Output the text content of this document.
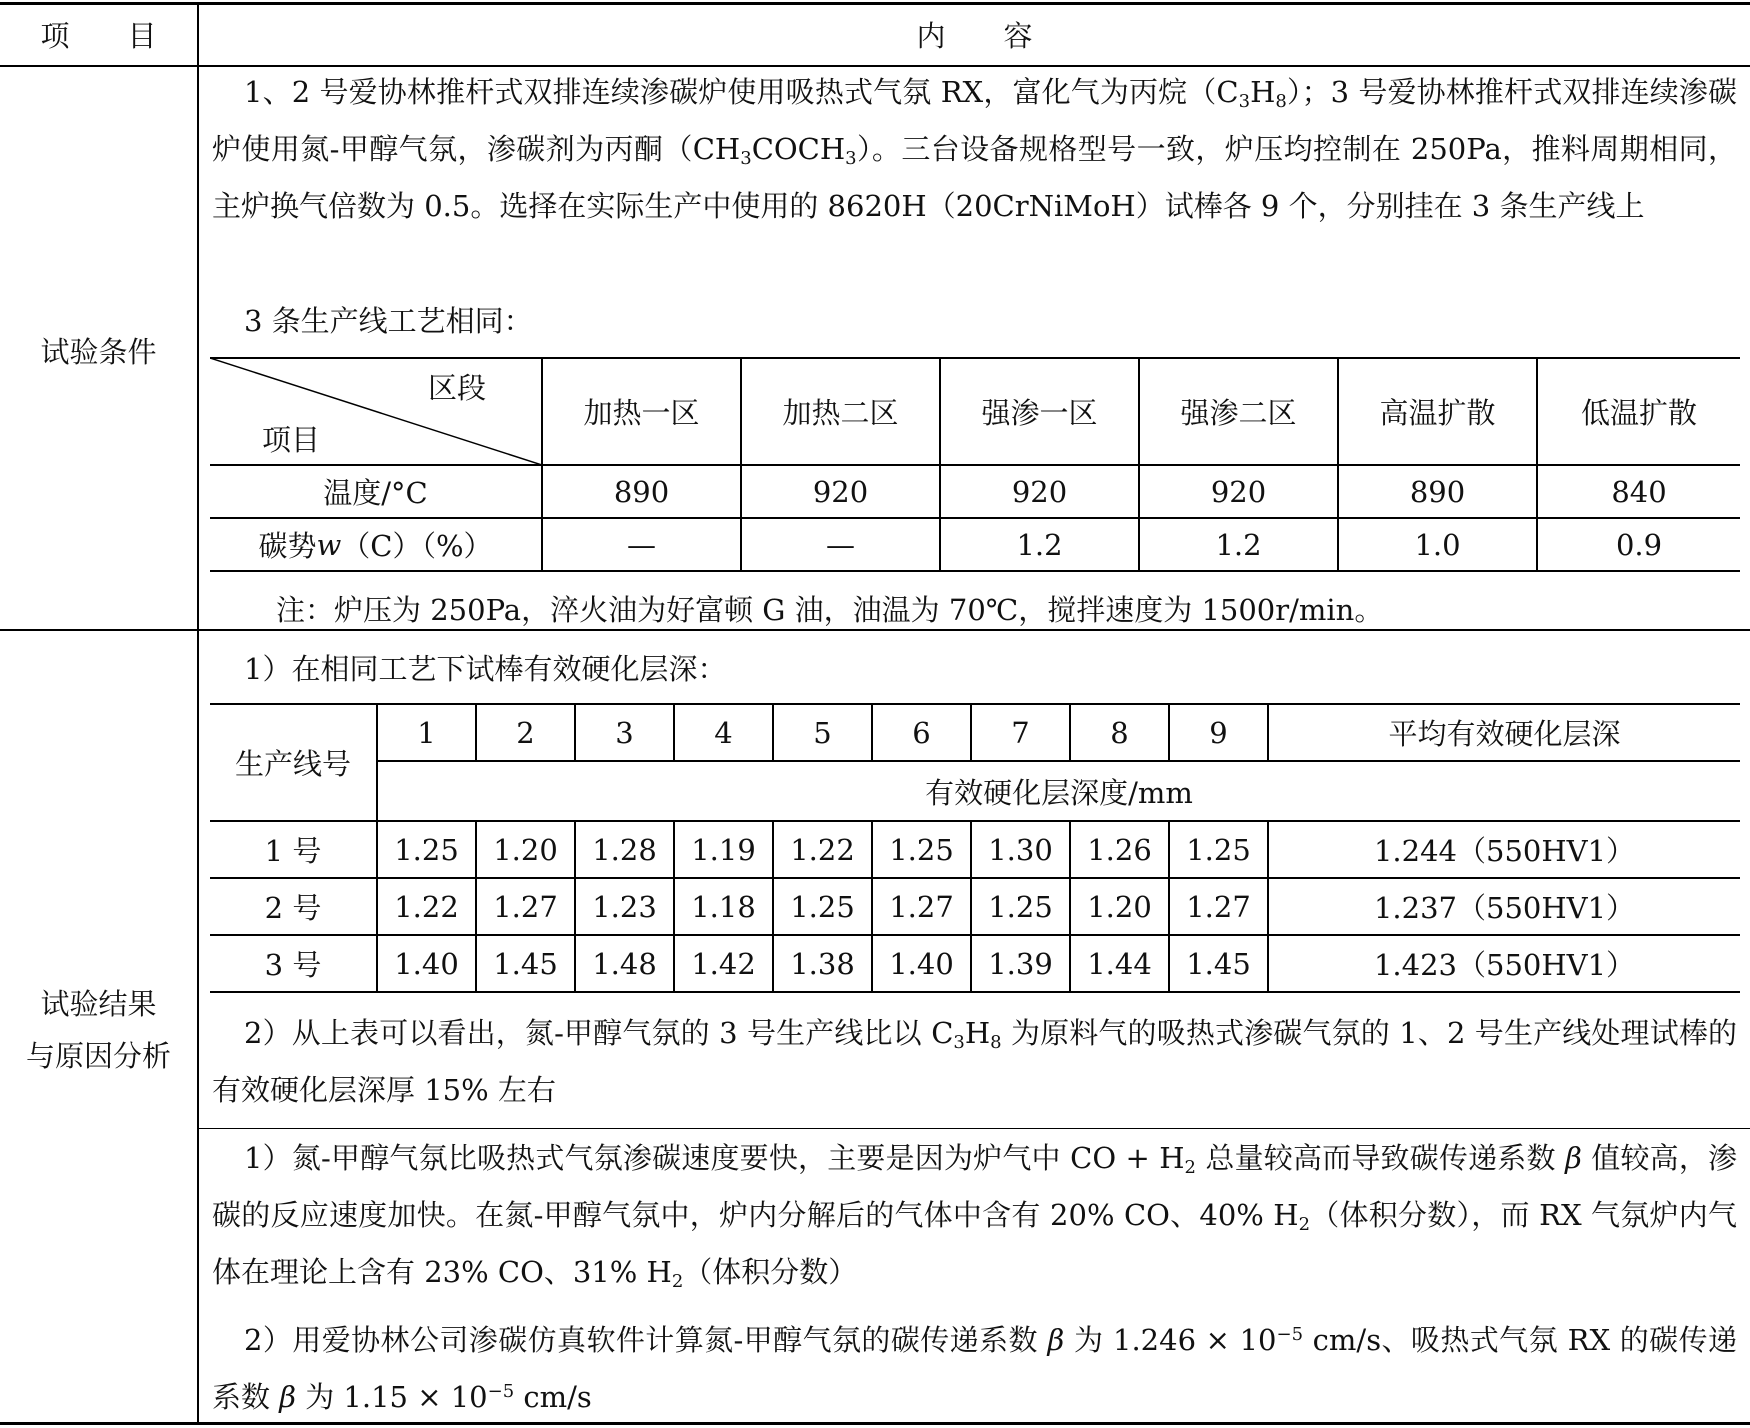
项　　目	内　　容
试验条件
1、2 号爱协林推杆式双排连续渗碳炉使用吸热式气氛 RX，富化气为丙烷$(C_3H_8)$；3 号爱协林推杆式双排连续渗碳炉使用氮-甲醇气氛，渗碳剂为丙酮$(CH_3COCH_3)$。三台设备规格型号一致，炉压均控制在 250Pa，推料周期相同，主炉换气倍数为 0.5。选择在实际生产中使用的 8620H（20CrNiMoH）试棒各 9 个，分别挂在 3 条生产线上
3 条生产线工艺相同：
区段
项目
加热一区	加热二区	强渗一区	强渗二区	高温扩散	低温扩散
温度/°C	890	920	920	920	890	840
碳势 w （C）（%）	—	—	1.2	1.2	1.0	0.9
注：炉压为 250Pa，淬火油为好富顿 G 油，油温为 70℃，搅拌速度为 1500r/min。
试验结果
与原因分析
1）在相同工艺下试棒有效硬化层深：
生产线号
1	2	3	4	5	6	7	8	9	平均有效硬化层深
有效硬化层深度/mm
1 号	1.25	1.20	1.28	1.19	1.22	1.25	1.30	1.26	1.25	1.244（550HV1）
2 号	1.22	1.27	1.23	1.18	1.25	1.27	1.25	1.20	1.27	1.237（550HV1）
3 号	1.40	1.45	1.48	1.42	1.38	1.40	1.39	1.44	1.45	1.423（550HV1）
2）从上表可以看出，氮-甲醇气氛的 3 号生产线比以 $C_3H_8$ 为原料气的吸热式渗碳气氛的 1、2 号生产线处理试棒的有效硬化层深厚 15% 左右
1）氮-甲醇气氛比吸热式气氛渗碳速度要快，主要是因为炉气中 CO + $H_2$ 总量较高而导致碳传递系数 β 值较高，渗碳的反应速度加快。在氮-甲醇气氛中，炉内分解后的气体中含有 20% CO、40% $H_2$（体积分数），而 RX 气氛炉内气体在理论上含有 23% CO、31% $H_2$（体积分数）
2）用爱协林公司渗碳仿真软件计算氮-甲醇气氛的碳传递系数 β 为 $1.246 \times 10^{-5}$ cm/s、吸热式气氛 RX 的碳传递系数 β 为 $1.15 \times 10^{-5}$ cm/s
